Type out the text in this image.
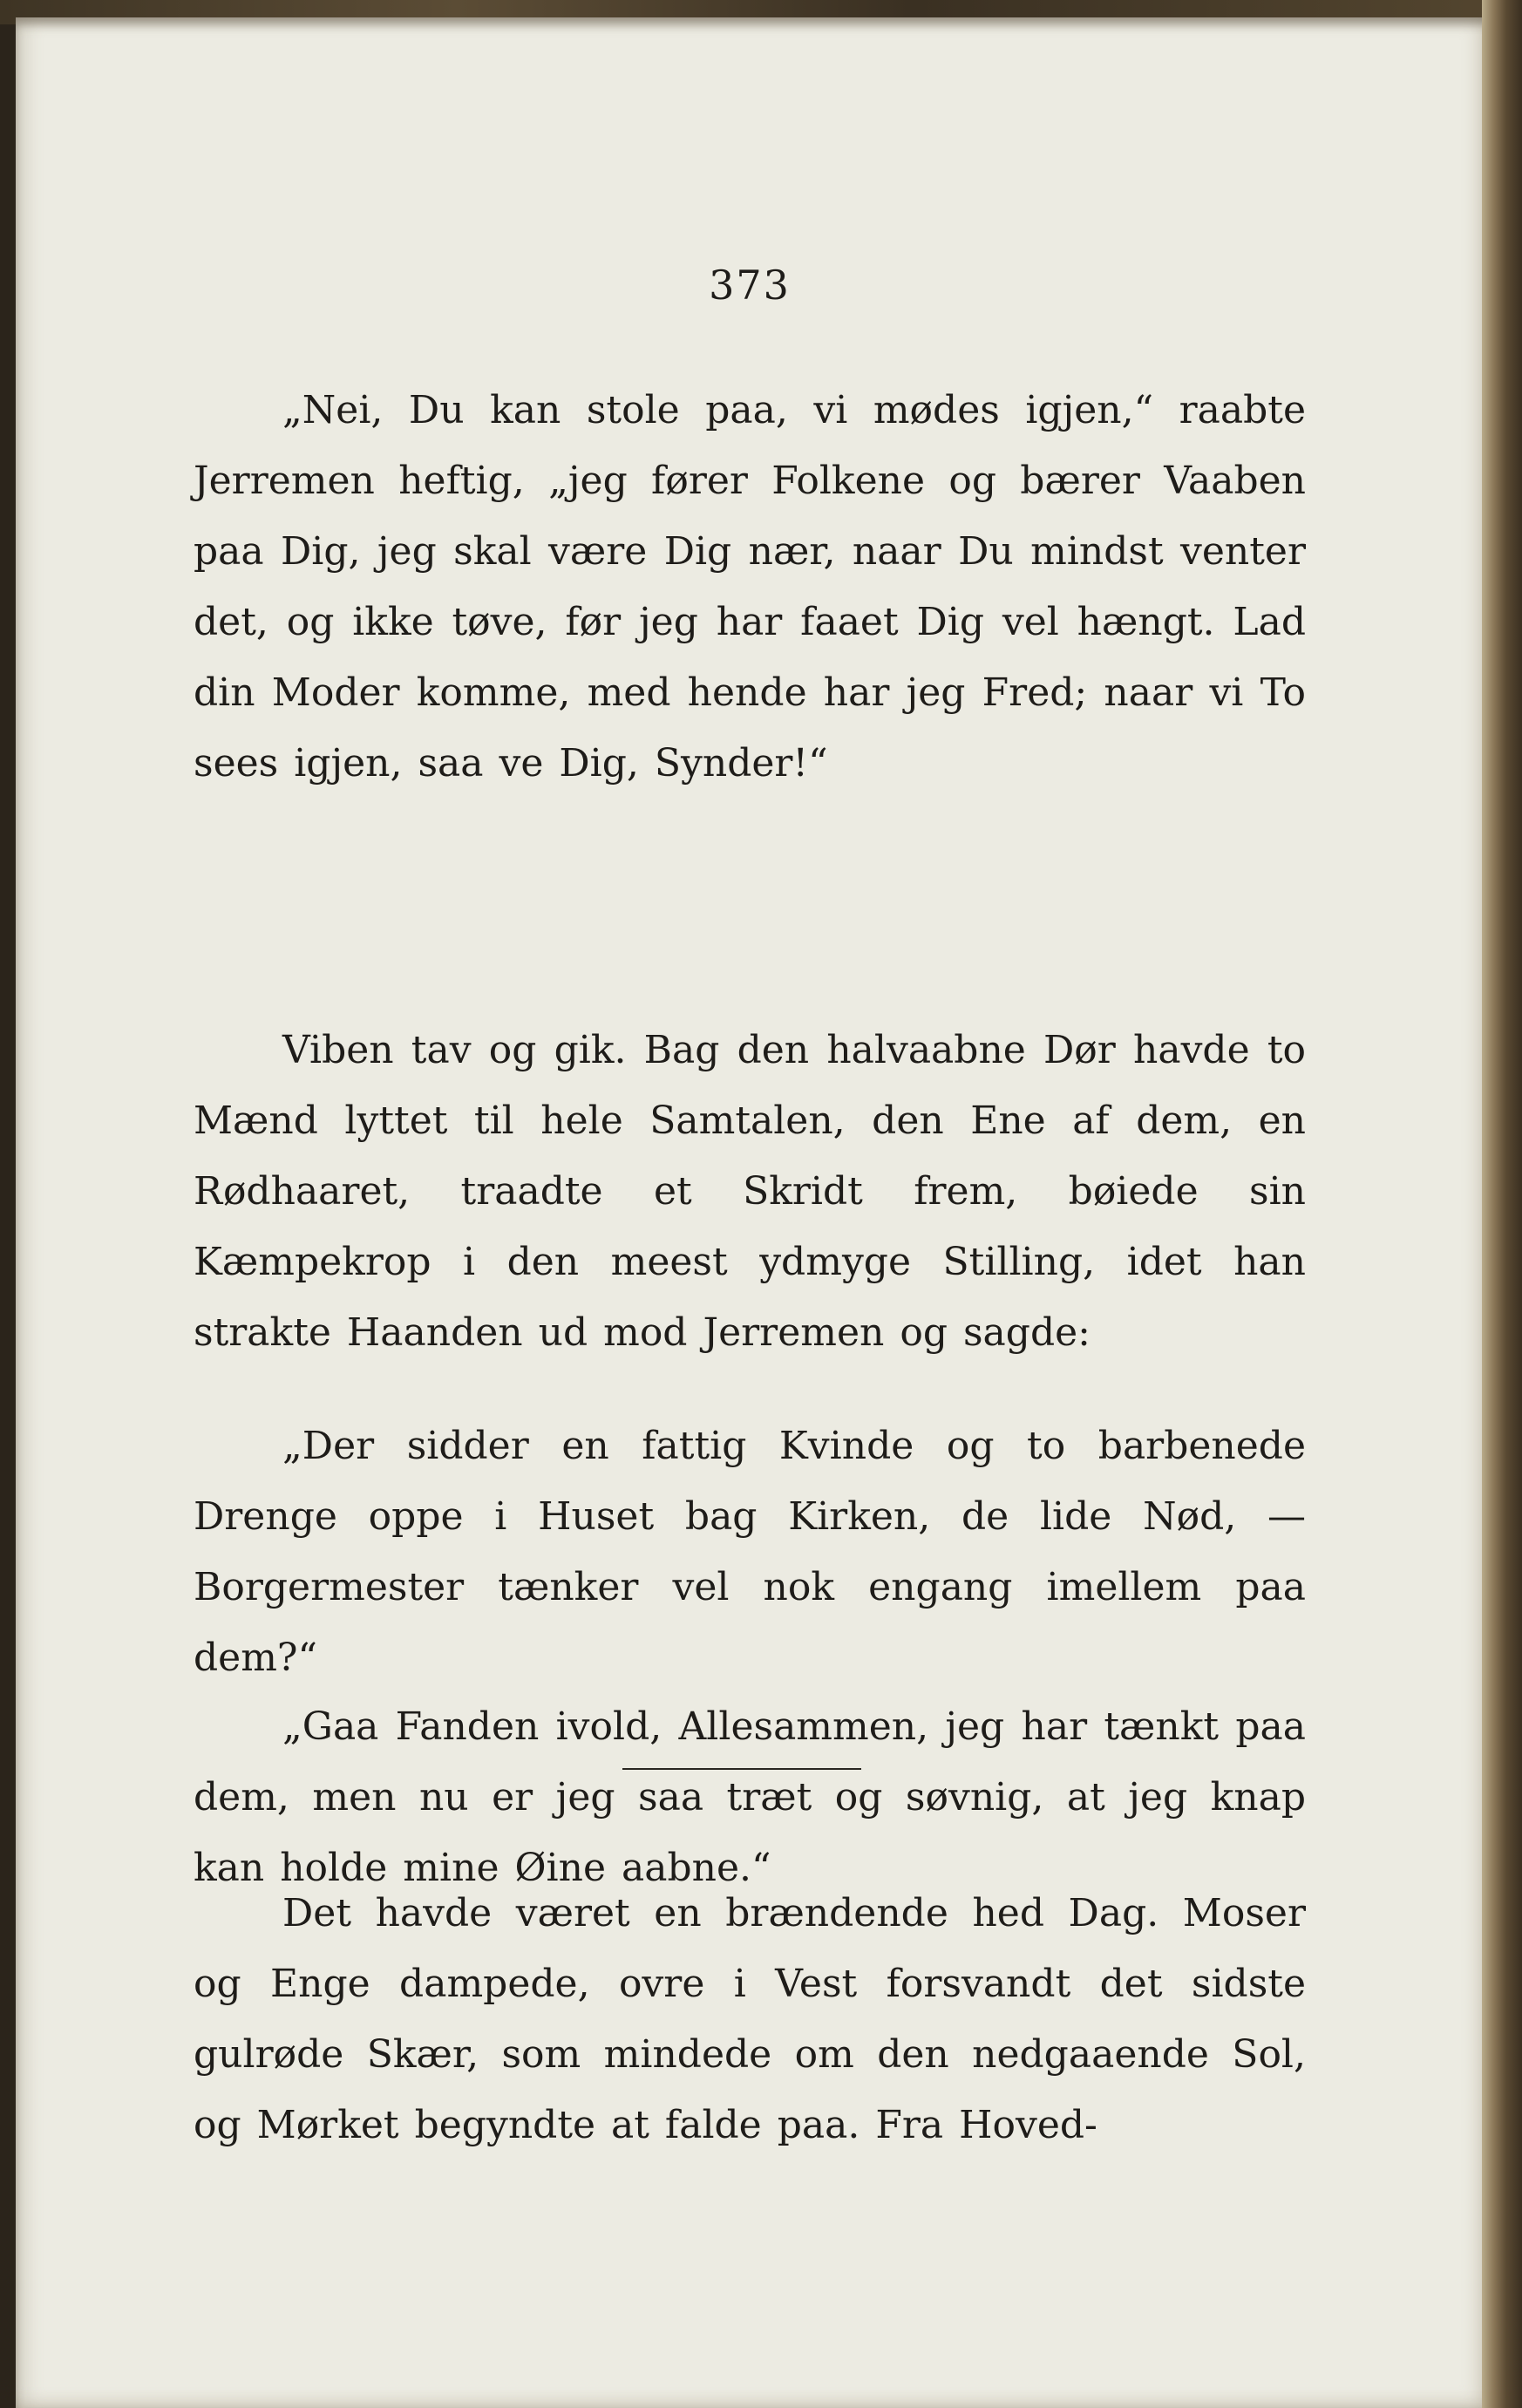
373
„Nei, Du kan stole paa, vi mødes igjen,“ raabte Jerremen heftig, „jeg fører Folkene og bærer Vaaben paa Dig, jeg skal være Dig nær, naar Du mindst venter det, og ikke tøve, før jeg har faaet Dig vel hængt. Lad din Moder komme, med hende har jeg Fred; naar vi To sees igjen, saa ve Dig, Synder!“
Viben tav og gik. Bag den halvaabne Dør havde to Mænd lyttet til hele Samtalen, den Ene af dem, en Rødhaaret, traadte et Skridt frem, bøiede sin Kæmpekrop i den meest ydmyge Stilling, idet han strakte Haanden ud mod Jerremen og sagde:
„Der sidder en fattig Kvinde og to barbenede Drenge oppe i Huset bag Kirken, de lide Nød, — Borgermester tænker vel nok engang imellem paa dem?“
„Gaa Fanden ivold, Allesammen, jeg har tænkt paa dem, men nu er jeg saa træt og søvnig, at jeg knap kan holde mine Øine aabne.“
Det havde været en brændende hed Dag. Moser og Enge dampede, ovre i Vest forsvandt det sidste gulrøde Skær, som mindede om den nedgaaende Sol, og Mørket begyndte at falde paa. Fra Hoved-
